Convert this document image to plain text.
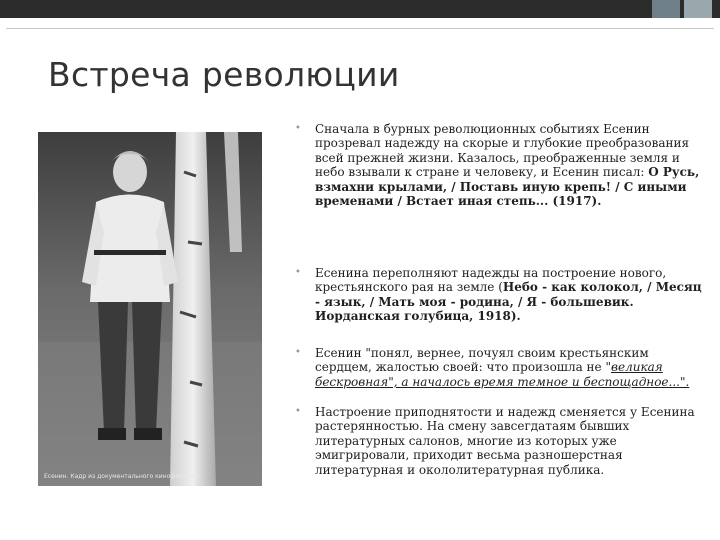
Встреча революции
Есенин. Кадр из документального кинофильма
•	Сначала в бурных революционных событиях Есенин прозревал надежду на скорые и глубокие преобразования всей прежней жизни. Казалось, преображенные земля и небо взывали к стране и человеку, и Есенин писал: О Русь, взмахни крылами, / Поставь иную крепь! / С иными временами / Встает иная степь... (1917).
•	Есенина переполняют надежды на построение нового, крестьянского рая на земле (Небо - как колокол, / Месяц - язык, / Мать моя - родина, / Я - большевик. Иорданская голубица, 1918).
•	Есенин "понял, вернее, почуял своим крестьянским сердцем, жалостью своей: что произошла не "великая бескровная", а началось время темное и беспощадное...".
•	Настроение приподнятости и надежд сменяется у Есенина растерянностью. На смену завсегдатаям бывших литературных салонов, многие из которых уже эмигрировали, приходит весьма разношерстная литературная и окололитературная публика.
